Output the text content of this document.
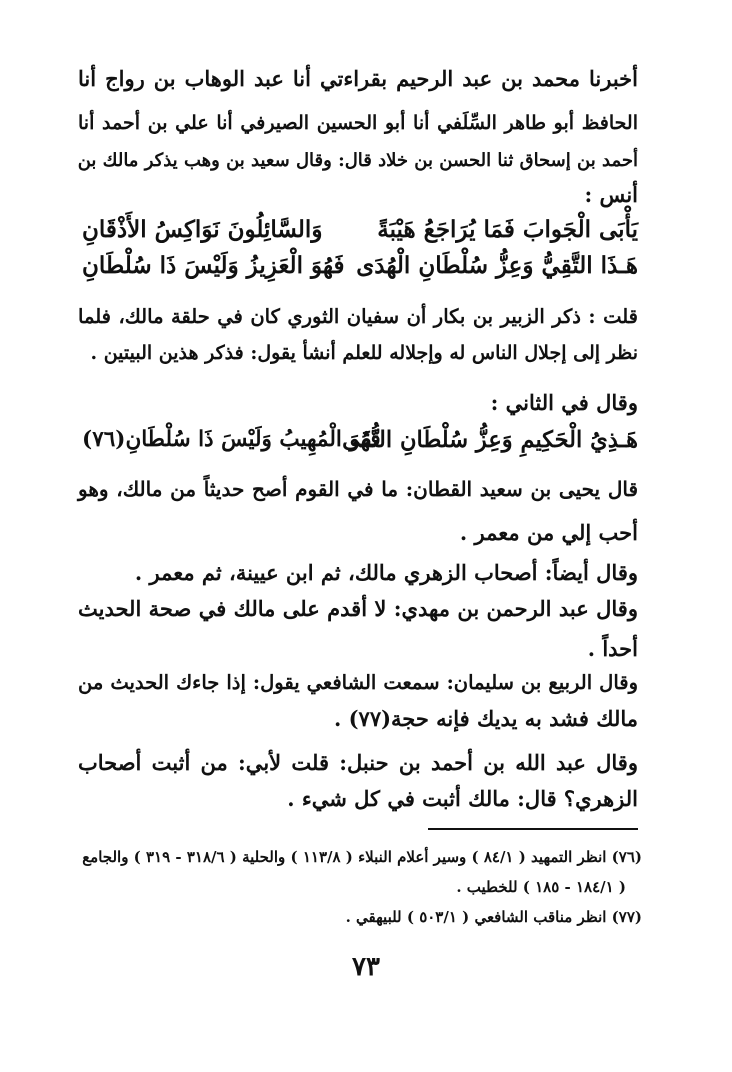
أخبرنا محمد بن عبد الرحيم بقراءتي أنا عبد الوهاب بن رواج أنا
الحافظ أبو طاهر السِّلَفي أنا أبو الحسين الصيرفي أنا علي بن أحمد أنا
أحمد بن إسحاق ثنا الحسن بن خلاد قال: وقال سعيد بن وهب يذكر مالك بن
أنس :
يَأْبَى الْجَوابَ فَمَا يُرَاجَعُ هَيْبَةً
وَالسَّائِلُونَ نَوَاكِسُ الأَذْقَانِ
هَـذَا التَّقِيُّ وَعِزُّ سُلْطَانِ الْهُدَى
فَهُوَ الْعَزِيزُ وَلَيْسَ ذَا سُلْطَانِ
قلت : ذكر الزبير بن بكار أن سفيان الثوري كان في حلقة مالك، فلما
نظر إلى إجلال الناس له وإجلاله للعلم أنشأ يقول: فذكر هذين البيتين .
وقال في الثاني :
هَـذِيُ الْحَكِيمِ وَعِزُّ سُلْطَانِ التُّقَى
فَهُوَ الْمُهِيبُ وَلَيْسَ ذَا سُلْطَانِ(٧٦)
قال يحيى بن سعيد القطان: ما في القوم أصح حديثاً من مالك، وهو
أحب إلي من معمر .
وقال أيضاً: أصحاب الزهري مالك، ثم ابن عيينة، ثم معمر .
وقال عبد الرحمن بن مهدي: لا أقدم على مالك في صحة الحديث
أحداً .
وقال الربيع بن سليمان: سمعت الشافعي يقول: إذا جاءك الحديث من
مالك فشد به يديك فإنه حجة(٧٧) .
وقال عبد الله بن أحمد بن حنبل: قلت لأبي: من أثبت أصحاب
الزهري؟ قال: مالك أثبت في كل شيء .
(٧٦) انظر التمهيد ( ٨٤/١ ) وسير أعلام النبلاء ( ١١٣/٨ ) والحلية ( ٣١٨/٦ - ٣١٩ ) والجامع
( ١٨٤/١ - ١٨٥ ) للخطيب .
(٧٧) انظر مناقب الشافعي ( ٥٠٣/١ ) للبيهقي .
٧٣
